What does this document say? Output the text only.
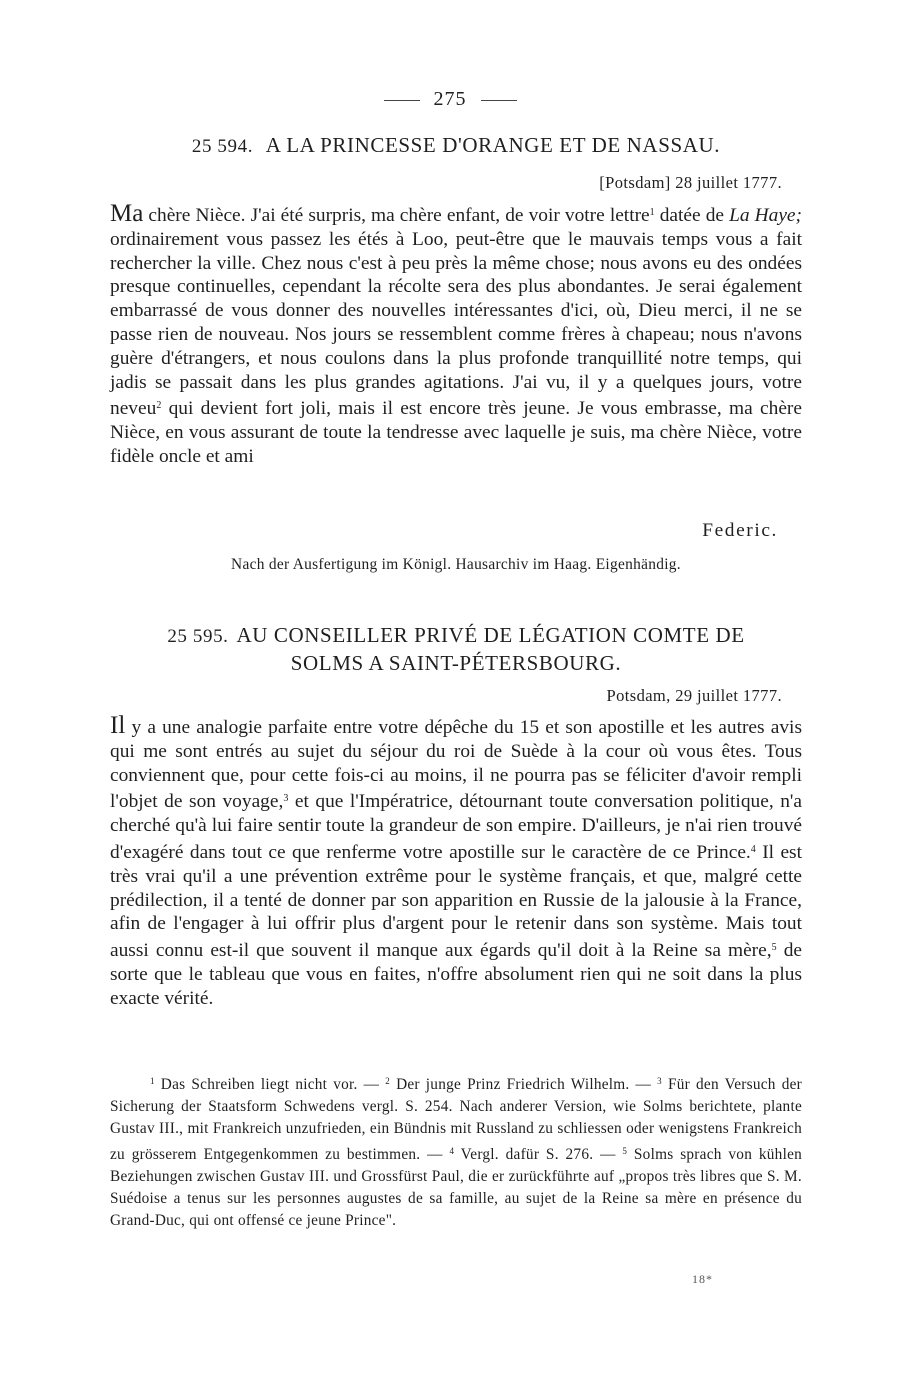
275
25 594. A LA PRINCESSE D'ORANGE ET DE NASSAU.
[Potsdam] 28 juillet 1777.
Ma chère Nièce. J'ai été surpris, ma chère enfant, de voir votre lettre$^1$ datée de La Haye; ordinairement vous passez les étés à Loo, peut-être que le mauvais temps vous a fait rechercher la ville. Chez nous c'est à peu près la même chose; nous avons eu des ondées presque continuelles, cependant la récolte sera des plus abondantes. Je serai également embarrassé de vous donner des nouvelles intéressantes d'ici, où, Dieu merci, il ne se passe rien de nouveau. Nos jours se ressemblent comme frères à chapeau; nous n'avons guère d'étrangers, et nous coulons dans la plus profonde tranquillité notre temps, qui jadis se passait dans les plus grandes agitations. J'ai vu, il y a quelques jours, votre neveu$^2$ qui devient fort joli, mais il est encore très jeune. Je vous embrasse, ma chère Nièce, en vous assurant de toute la tendresse avec laquelle je suis, ma chère Nièce, votre fidèle oncle et ami
Federic.
Nach der Ausfertigung im Königl. Hausarchiv im Haag. Eigenhändig.
25 595. AU CONSEILLER PRIVÉ DE LÉGATION COMTE DE
SOLMS A SAINT-PÉTERSBOURG.
Potsdam, 29 juillet 1777.
Il y a une analogie parfaite entre votre dépêche du 15 et son apostille et les autres avis qui me sont entrés au sujet du séjour du roi de Suède à la cour où vous êtes. Tous conviennent que, pour cette fois-ci au moins, il ne pourra pas se féliciter d'avoir rempli l'objet de son voyage,$^3$ et que l'Impératrice, détournant toute conversation politique, n'a cherché qu'à lui faire sentir toute la grandeur de son empire. D'ailleurs, je n'ai rien trouvé d'exagéré dans tout ce que renferme votre apostille sur le caractère de ce Prince.$^4$ Il est très vrai qu'il a une prévention extrême pour le système français, et que, malgré cette prédilection, il a tenté de donner par son apparition en Russie de la jalousie à la France, afin de l'engager à lui offrir plus d'argent pour le retenir dans son système. Mais tout aussi connu est-il que souvent il manque aux égards qu'il doit à la Reine sa mère,$^5$ de sorte que le tableau que vous en faites, n'offre absolument rien qui ne soit dans la plus exacte vérité.
$^1$ Das Schreiben liegt nicht vor. — $^2$ Der junge Prinz Friedrich Wilhelm. — $^3$ Für den Versuch der Sicherung der Staatsform Schwedens vergl. S. 254. Nach anderer Version, wie Solms berichtete, plante Gustav III., mit Frankreich unzufrieden, ein Bündnis mit Russland zu schliessen oder wenigstens Frankreich zu grösserem Entgegenkommen zu bestimmen. — $^4$ Vergl. dafür S. 276. — $^5$ Solms sprach von kühlen Beziehungen zwischen Gustav III. und Grossfürst Paul, die er zurückführte auf „propos très libres que S. M. Suédoise a tenus sur les personnes augustes de sa famille, au sujet de la Reine sa mère en présence du Grand-Duc, qui ont offensé ce jeune Prince".
18*
